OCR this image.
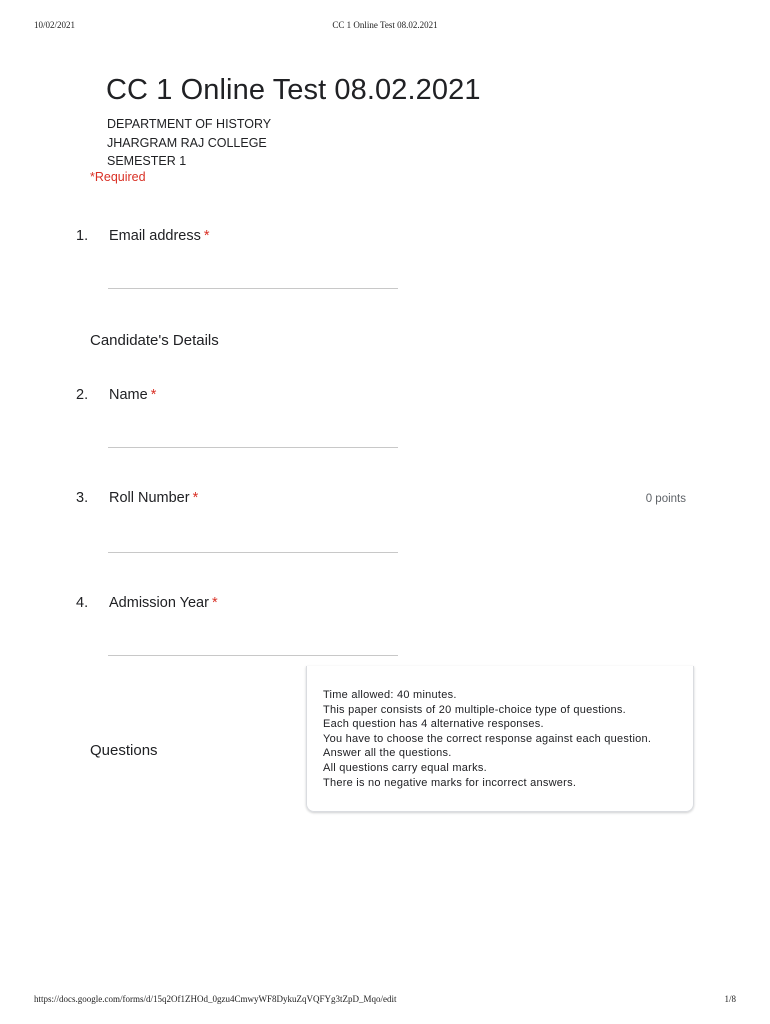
10/02/2021	CC 1 Online Test 08.02.2021
CC 1 Online Test 08.02.2021
DEPARTMENT OF HISTORY
JHARGRAM RAJ COLLEGE
SEMESTER 1
*Required
1. Email address *
Candidate's Details
2. Name *
3. Roll Number *	0 points
4. Admission Year *
Questions
Time allowed: 40 minutes.
This paper consists of 20 multiple-choice type of questions.
Each question has 4 alternative responses.
You have to choose the correct response against each question.
Answer all the questions.
All questions carry equal marks.
There is no negative marks for incorrect answers.
https://docs.google.com/forms/d/15q2Of1ZHOd_0gzu4CmwyWF8DykuZqVQFYg3tZpD_Mqo/edit	1/8
